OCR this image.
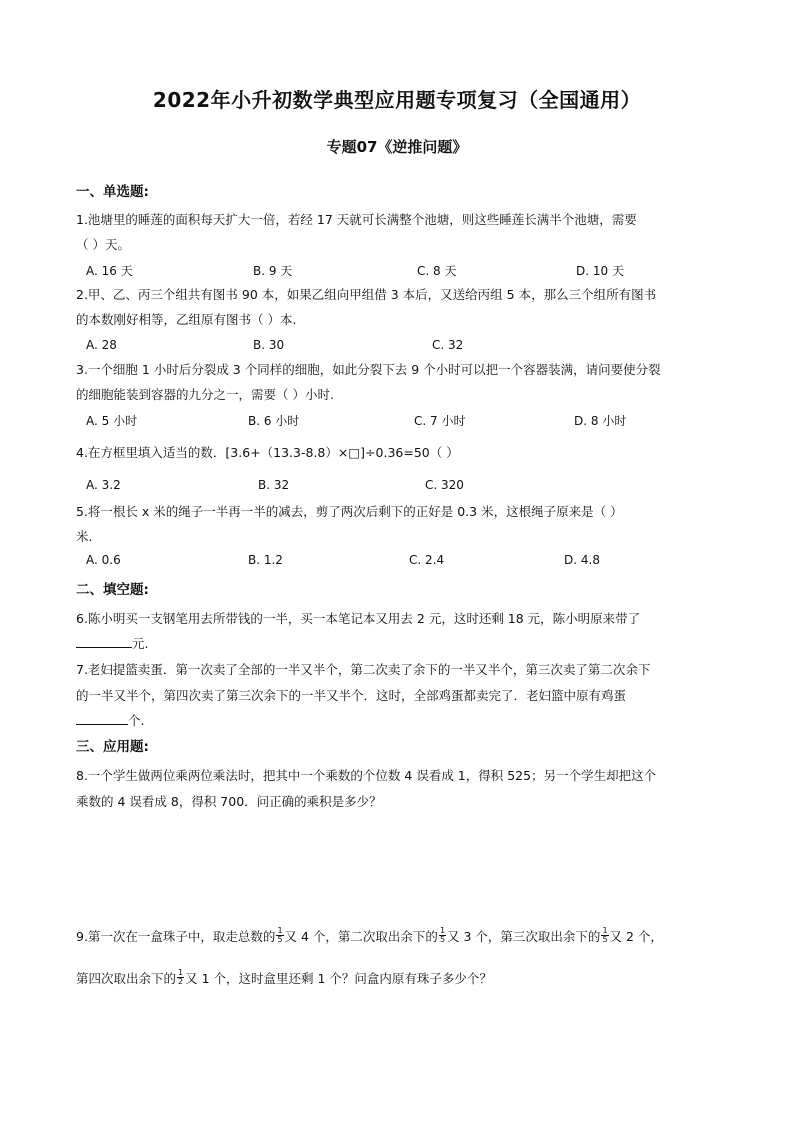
2022年小升初数学典型应用题专项复习（全国通用）
专题07《逆推问题》
一、单选题:
1.池塘里的睡莲的面积每天扩大一倍，若经 17 天就可长满整个池塘，则这些睡莲长满半个池塘，需要
（ ）天。
A. 16 天	B. 9 天	C. 8 天	D. 10 天
2.甲、乙、丙三个组共有图书 90 本，如果乙组向甲组借 3 本后，又送给丙组 5 本，那么三个组所有图书
的本数刚好相等，乙组原有图书（ ）本.
A. 28	B. 30	C. 32
3.一个细胞 1 小时后分裂成 3 个同样的细胞，如此分裂下去 9 个小时可以把一个容器装满，请问要使分裂
的细胞能装到容器的九分之一，需要（ ）小时.
A. 5 小时	B. 6 小时	C. 7 小时	D. 8 小时
4.在方框里填入适当的数．[3.6+（13.3-8.8）×□]÷0.36=50（ ）
A. 3.2	B. 32	C. 320
5.将一根长 x 米的绳子一半再一半的减去，剪了两次后剩下的正好是 0.3 米，这根绳子原来是（ ）
米.
A. 0.6	B. 1.2	C. 2.4	D. 4.8
二、填空题:
6.陈小明买一支钢笔用去所带钱的一半，买一本笔记本又用去 2 元，这时还剩 18 元，陈小明原来带了
元.
7.老妇提篮卖蛋．第一次卖了全部的一半又半个，第二次卖了余下的一半又半个，第三次卖了第二次余下
的一半又半个，第四次卖了第三次余下的一半又半个．这时，全部鸡蛋都卖完了．老妇篮中原有鸡蛋
个.
三、应用题:
8.一个学生做两位乘两位乘法时，把其中一个乘数的个位数 4 误看成 1，得积 525；另一个学生却把这个
乘数的 4 误看成 8，得积 700．问正确的乘积是多少？
9.第一次在一盒珠子中，取走总数的 $\frac{1}{5}$ 又 4 个，第二次取出余下的 $\frac{1}{5}$ 又 3 个，第三次取出余下的 $\frac{1}{5}$ 又 2 个，
第四次取出余下的 $\frac{1}{2}$ 又 1 个，这时盒里还剩 1 个？问盒内原有珠子多少个？
